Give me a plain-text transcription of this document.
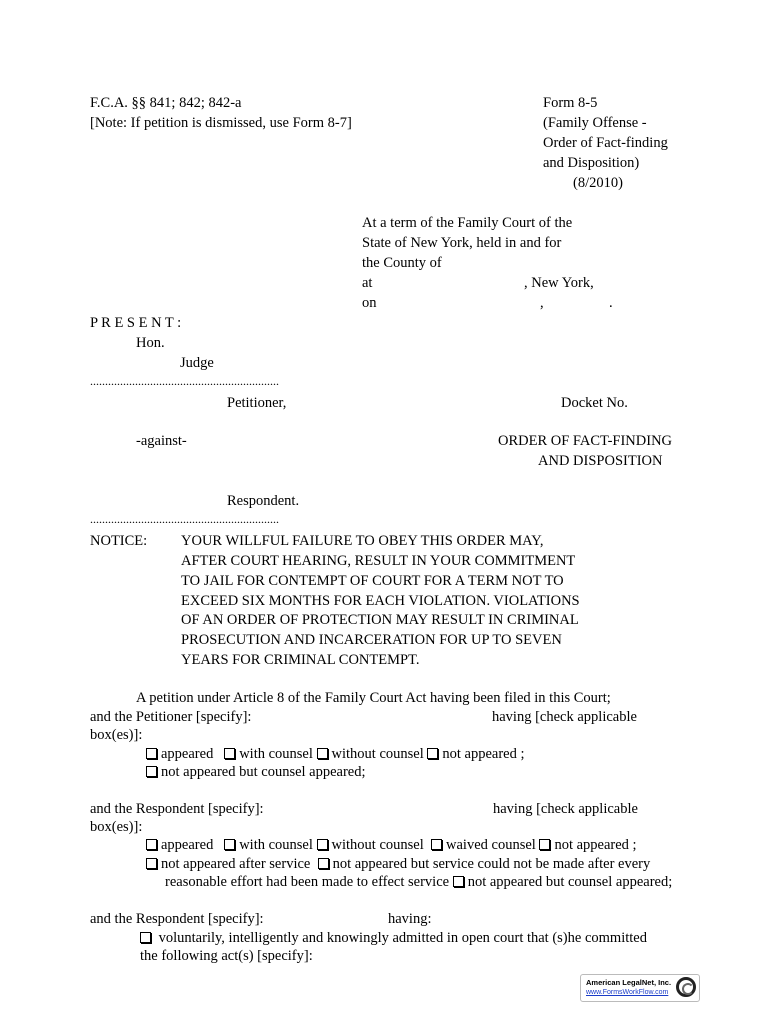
F.C.A. §§ 841; 842; 842-a
[Note: If petition is dismissed, use Form 8-7]
Form 8-5
(Family Offense -
Order of Fact-finding
and Disposition)
(8/2010)
At a term of the Family Court of the
State of New York, held in and for
the County of
at	, New York,
on	,	.
P R E S E N T :
Hon.
Judge
...............................................................
Petitioner,	Docket No.
-against-	ORDER OF FACT-FINDING
AND DISPOSITION
Respondent.
...............................................................
NOTICE: YOUR WILLFUL FAILURE TO OBEY THIS ORDER MAY,
AFTER COURT HEARING, RESULT IN YOUR COMMITMENT
TO JAIL FOR CONTEMPT OF COURT FOR A TERM NOT TO
EXCEED SIX MONTHS FOR EACH VIOLATION. VIOLATIONS
OF AN ORDER OF PROTECTION MAY RESULT IN CRIMINAL
PROSECUTION AND INCARCERATION FOR UP TO SEVEN
YEARS FOR CRIMINAL CONTEMPT.
A petition under Article 8 of the Family Court Act having been filed in this Court;
and the Petitioner [specify]:	having [check applicable
box(es)]:
appeared with counsel without counsel not appeared ;
not appeared but counsel appeared;
and the Respondent [specify]:	having [check applicable
box(es)]:
appeared with counsel without counsel waived counsel not appeared ;
not appeared after service not appeared but service could not be made after every
reasonable effort had been made to effect service not appeared but counsel appeared;
and the Respondent [specify]:	having:
voluntarily, intelligently and knowingly admitted in open court that (s)he committed
the following act(s) [specify]:
American LegalNet, Inc.
www.FormsWorkFlow.com
